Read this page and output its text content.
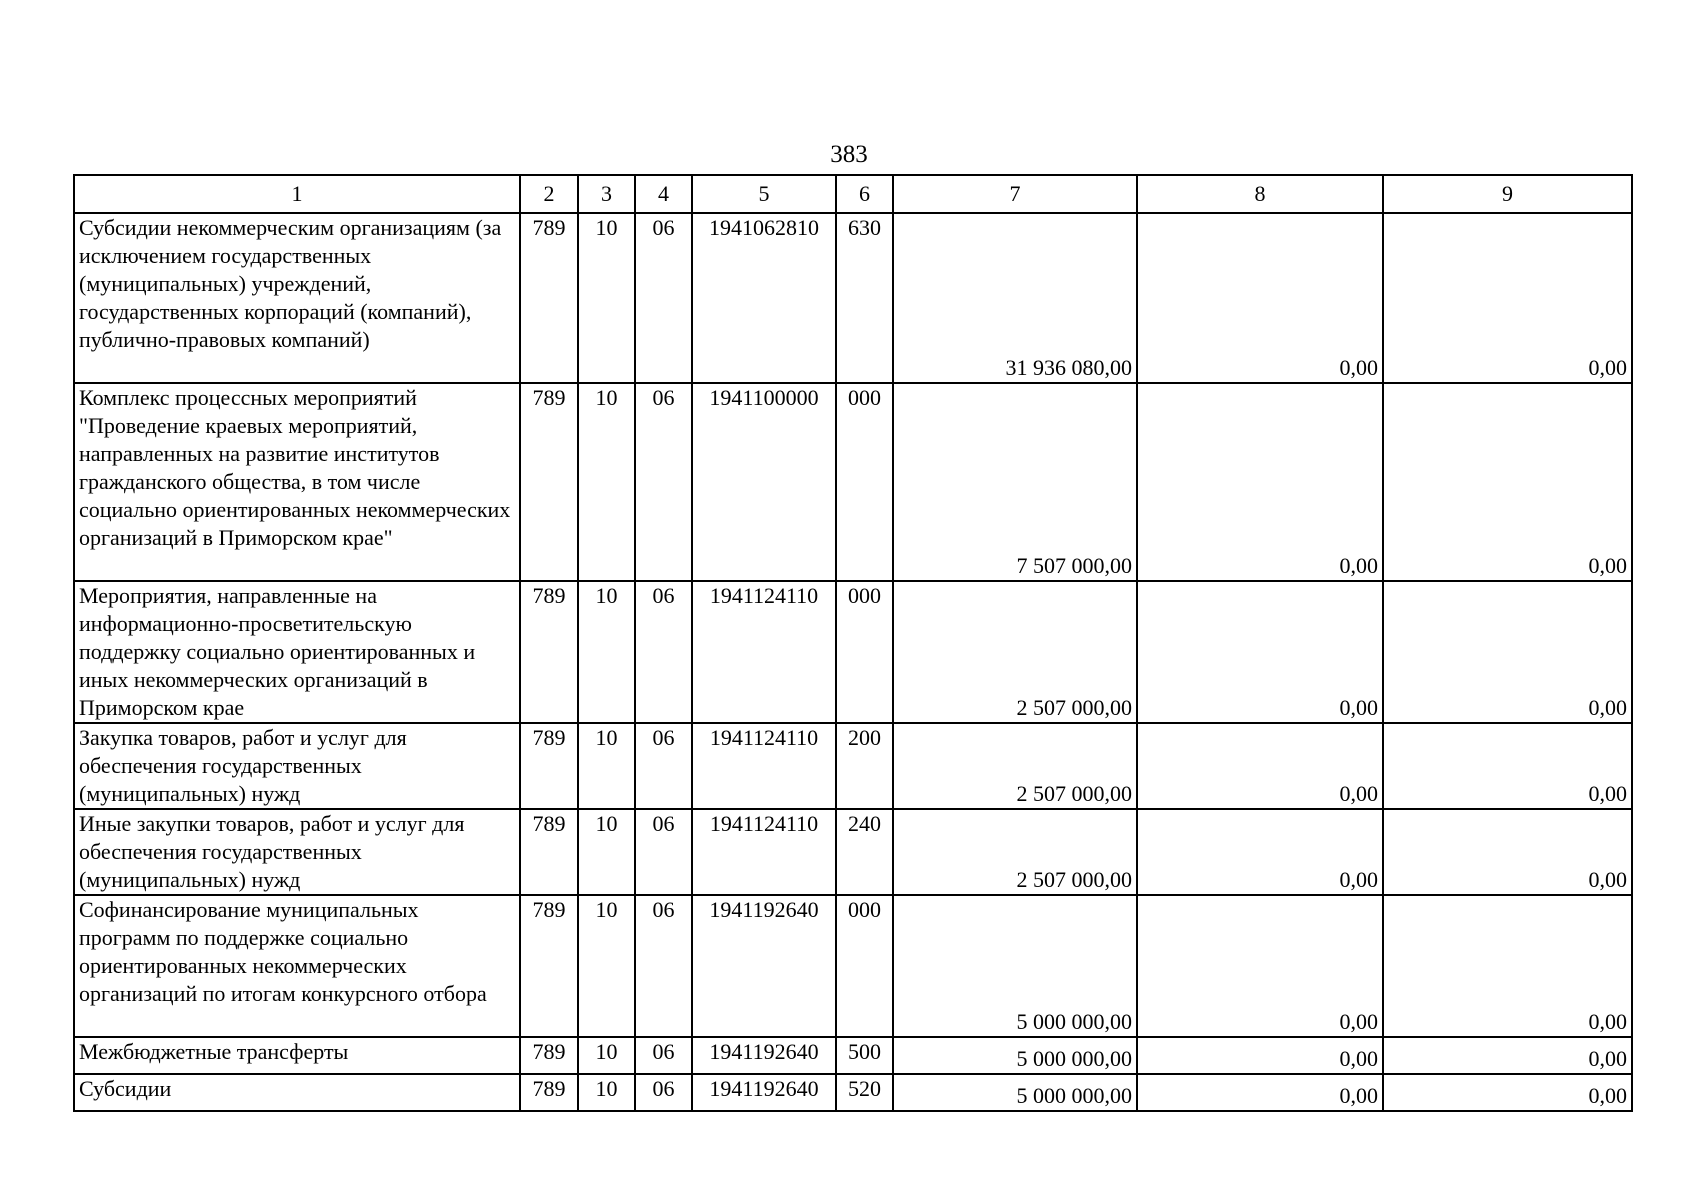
383
1	2	3	4	5	6	7	8	9
Субсидии некоммерческим организациям (за исключением государственных (муниципальных) учреждений, государственных корпораций (компаний), публично-правовых компаний)	789	10	06	1941062810	630	31 936 080,00	0,00	0,00
Комплекс процессных мероприятий "Проведение краевых мероприятий, направленных на развитие институтов гражданского общества, в том числе социально ориентированных некоммерческих организаций в Приморском крае"	789	10	06	1941100000	000	7 507 000,00	0,00	0,00
Мероприятия, направленные на информационно-просветительскую поддержку социально ориентированных и иных некоммерческих организаций в Приморском крае	789	10	06	1941124110	000	2 507 000,00	0,00	0,00
Закупка товаров, работ и услуг для обеспечения государственных (муниципальных) нужд	789	10	06	1941124110	200	2 507 000,00	0,00	0,00
Иные закупки товаров, работ и услуг для обеспечения государственных (муниципальных) нужд	789	10	06	1941124110	240	2 507 000,00	0,00	0,00
Софинансирование муниципальных программ по поддержке социально ориентированных некоммерческих организаций по итогам конкурсного отбора	789	10	06	1941192640	000	5 000 000,00	0,00	0,00
Межбюджетные трансферты	789	10	06	1941192640	500	5 000 000,00	0,00	0,00
Субсидии	789	10	06	1941192640	520	5 000 000,00	0,00	0,00
